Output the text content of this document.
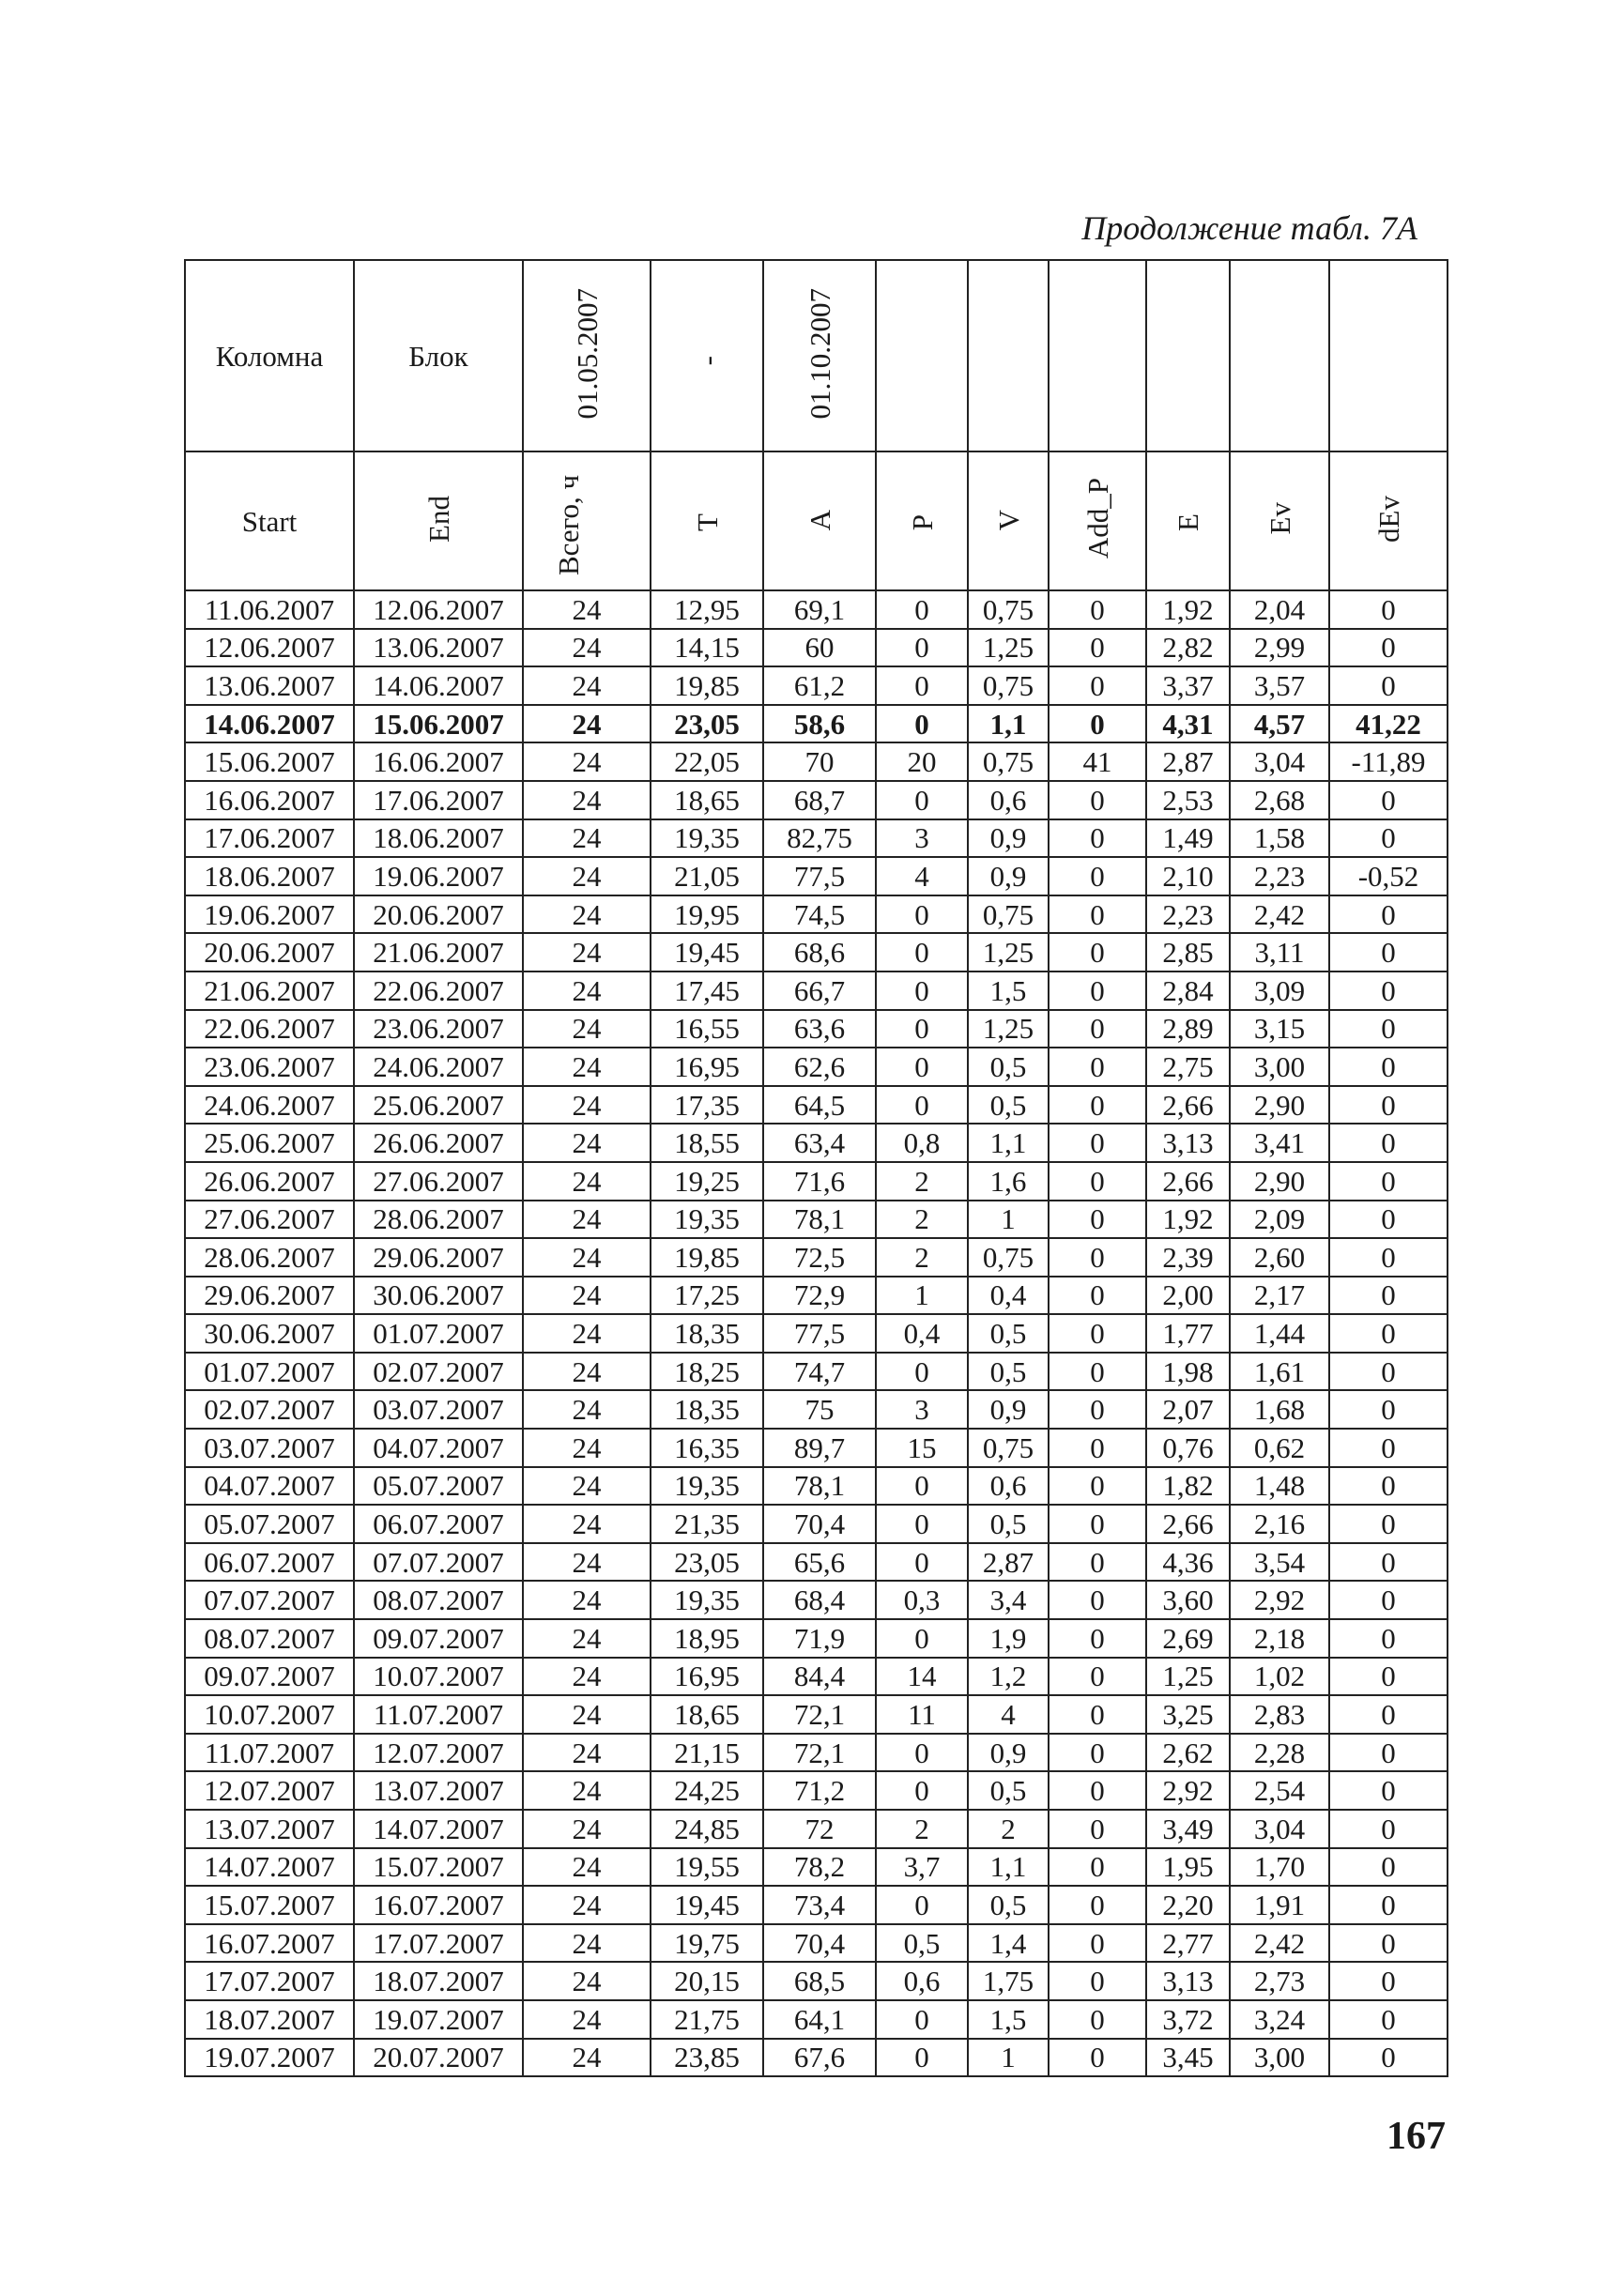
Продолжение табл. 7А
Коломна	Блок	01.05.2007	-	01.10.2007						
Start	End	Всего, ч	T	A	P	V	Add_P	E	Ev	dEv
11.06.2007	12.06.2007	24	12,95	69,1	0	0,75	0	1,92	2,04	0
12.06.2007	13.06.2007	24	14,15	60	0	1,25	0	2,82	2,99	0
13.06.2007	14.06.2007	24	19,85	61,2	0	0,75	0	3,37	3,57	0
14.06.2007	15.06.2007	24	23,05	58,6	0	1,1	0	4,31	4,57	41,22
15.06.2007	16.06.2007	24	22,05	70	20	0,75	41	2,87	3,04	-11,89
16.06.2007	17.06.2007	24	18,65	68,7	0	0,6	0	2,53	2,68	0
17.06.2007	18.06.2007	24	19,35	82,75	3	0,9	0	1,49	1,58	0
18.06.2007	19.06.2007	24	21,05	77,5	4	0,9	0	2,10	2,23	-0,52
19.06.2007	20.06.2007	24	19,95	74,5	0	0,75	0	2,23	2,42	0
20.06.2007	21.06.2007	24	19,45	68,6	0	1,25	0	2,85	3,11	0
21.06.2007	22.06.2007	24	17,45	66,7	0	1,5	0	2,84	3,09	0
22.06.2007	23.06.2007	24	16,55	63,6	0	1,25	0	2,89	3,15	0
23.06.2007	24.06.2007	24	16,95	62,6	0	0,5	0	2,75	3,00	0
24.06.2007	25.06.2007	24	17,35	64,5	0	0,5	0	2,66	2,90	0
25.06.2007	26.06.2007	24	18,55	63,4	0,8	1,1	0	3,13	3,41	0
26.06.2007	27.06.2007	24	19,25	71,6	2	1,6	0	2,66	2,90	0
27.06.2007	28.06.2007	24	19,35	78,1	2	1	0	1,92	2,09	0
28.06.2007	29.06.2007	24	19,85	72,5	2	0,75	0	2,39	2,60	0
29.06.2007	30.06.2007	24	17,25	72,9	1	0,4	0	2,00	2,17	0
30.06.2007	01.07.2007	24	18,35	77,5	0,4	0,5	0	1,77	1,44	0
01.07.2007	02.07.2007	24	18,25	74,7	0	0,5	0	1,98	1,61	0
02.07.2007	03.07.2007	24	18,35	75	3	0,9	0	2,07	1,68	0
03.07.2007	04.07.2007	24	16,35	89,7	15	0,75	0	0,76	0,62	0
04.07.2007	05.07.2007	24	19,35	78,1	0	0,6	0	1,82	1,48	0
05.07.2007	06.07.2007	24	21,35	70,4	0	0,5	0	2,66	2,16	0
06.07.2007	07.07.2007	24	23,05	65,6	0	2,87	0	4,36	3,54	0
07.07.2007	08.07.2007	24	19,35	68,4	0,3	3,4	0	3,60	2,92	0
08.07.2007	09.07.2007	24	18,95	71,9	0	1,9	0	2,69	2,18	0
09.07.2007	10.07.2007	24	16,95	84,4	14	1,2	0	1,25	1,02	0
10.07.2007	11.07.2007	24	18,65	72,1	11	4	0	3,25	2,83	0
11.07.2007	12.07.2007	24	21,15	72,1	0	0,9	0	2,62	2,28	0
12.07.2007	13.07.2007	24	24,25	71,2	0	0,5	0	2,92	2,54	0
13.07.2007	14.07.2007	24	24,85	72	2	2	0	3,49	3,04	0
14.07.2007	15.07.2007	24	19,55	78,2	3,7	1,1	0	1,95	1,70	0
15.07.2007	16.07.2007	24	19,45	73,4	0	0,5	0	2,20	1,91	0
16.07.2007	17.07.2007	24	19,75	70,4	0,5	1,4	0	2,77	2,42	0
17.07.2007	18.07.2007	24	20,15	68,5	0,6	1,75	0	3,13	2,73	0
18.07.2007	19.07.2007	24	21,75	64,1	0	1,5	0	3,72	3,24	0
19.07.2007	20.07.2007	24	23,85	67,6	0	1	0	3,45	3,00	0
167
